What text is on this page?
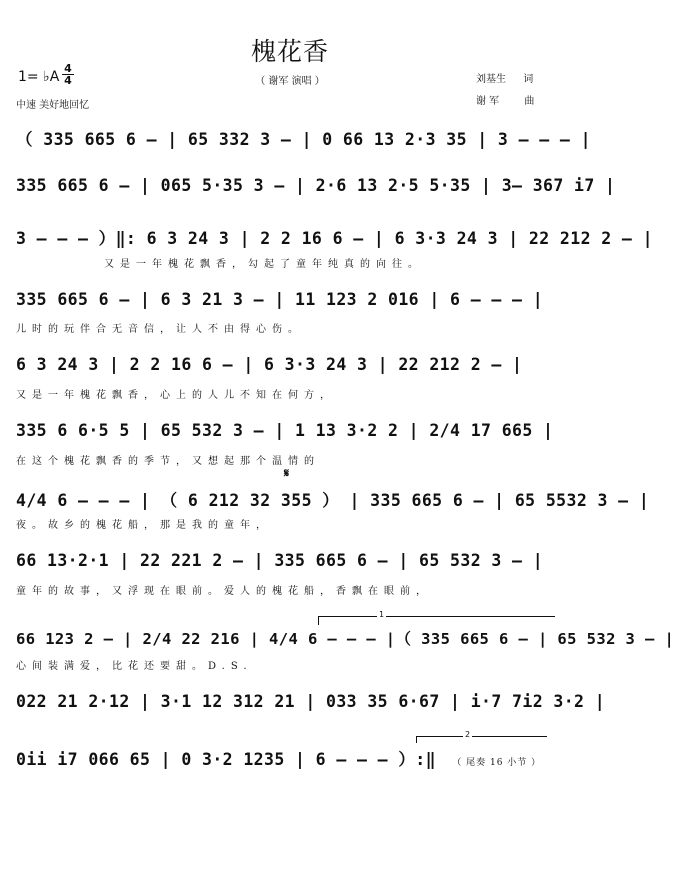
槐花香
（ 谢军 演唱 ）
1= ♭A
4
4
中速 美好地回忆
刘基生 词
谢 军	曲
（ 335 665 6 – | 65 332 3 – | 0 66 13 2·3 35 | 3 – – – |
335 665 6 – | 065 5·35 3 – | 2·6 13 2·5 5·35 | 3– 367 i7 |
3 – – – ）‖: 6 3 24 3 | 2 2 16 6 – | 6 3·3 24 3 | 22 212 2 – |
又是一年槐花飘香，勾起了童年纯真的向往。
335 665 6 – | 6 3 21 3 – | 11 123 2 016 | 6 – – – |
儿时的玩伴合无音信，让人不由得心伤。
6 3 24 3 | 2 2 16 6 – | 6 3·3 24 3 | 22 212 2 – |
又是一年槐花飘香，心上的人儿不知在何方，
335 6 6·5 5 | 65 532 3 – | 1 13 3·2 2 | 2/4 17 665 |
在这个槐花飘香的季节，又想起那个温情的
𝄋
4/4 6 – – – | （ 6 212 32 355 ） | 335 665 6 – | 65 5532 3 – |
夜。故乡的槐花船，那是我的童年，
66 13·2·1 | 22 221 2 – | 335 665 6 – | 65 532 3 – |
童年的故事，又浮现在眼前。爱人的槐花船，香飘在眼前，
1
66 123 2 – | 2/4 22 216 | 4/4 6 – – – |（ 335 665 6 – | 65 532 3 – |
心间装满爱，比花还要甜。D.S.
022 21 2·12 | 3·1 12 312 21 | 033 35 6·67 | i·7 7i2 3·2 |
2
0ii i7 066 65 | 0 3·2 1235 | 6 – – – ）:‖ （ 尾奏 16 小节 ）
